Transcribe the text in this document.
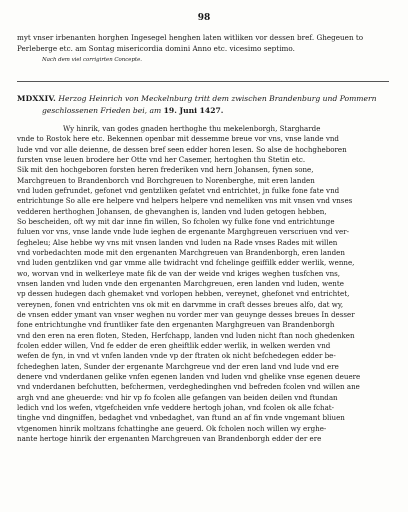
98
myt vnser irbenanten horghen Ingesegel henghen laten witliken vor dessen bref. Ghegeuen to
Perleberge etc. am Sontag misericordia domini Anno etc. vicesimo septimo.
Nach dem viel corrigirten Concepte.
MDXXIV. Herzog Heinrich von Meckelnburg tritt dem zwischen Brandenburg und Pommern
geschlossenen Frieden bei, am 19. Juni 1427.
Wy hinrik, van godes gnaden herthoghe thu mekelenborgh, Stargharde
vnde to Rostok here etc. Bekennen openbar mit dessemme breue vor vns, vnse lande vnd
lude vnd vor alle deienne, de dessen bref seen edder horen lesen. So alse de hochgheboren
fursten vnse leuen brodere her Otte vnd her Casemer, hertoghen thu Stetin etc.
Sik mit den hochgeboren forsten heren frederiken vnd hern Johansen, fynen sone,
Marchgreuen to Brandenborch vnd Borchgreuen to Norenberghe, mit eren landen
vnd luden gefrundet, gefonet vnd gentzliken gefatet vnd entrichtet, jn fulke fone fate vnd
entrichtunge So alle ere helpere vnd helpers helpere vnd nemeliken vns mit vnsen vnd vnses
vedderen herthoghen Johansen, de ghevanghen is, landen vnd luden getogen hebben,
So bescheiden, oft wy mit dar inne fin willen, So fcholen wy fulke fone vnd entrichtunge
fuluen vor vns, vnse lande vnde lude ieghen de ergenante Marghgreuen verscriuen vnd ver-
ſegheleu; Alse hebbe wy vns mit vnsen landen vnd luden na Rade vnses Rades mit willen
vnd vorbedachten mode mit den ergenanten Marchgreuen van Brandenborgh, eren landen
vnd luden gentzliken vnd gar vmme alle twidracht vnd fchelinge geiffilk edder werlik, wenne,
wo, worvan vnd in welkerleye mate fik de van der weide vnd kriges weghen tusfchen vns,
vnsen landen vnd luden vnde den ergenanten Marchgreuen, eren landen vnd luden, wente
vp dessen hudegen dach ghemaket vnd vorlopen hebben, vereynet, ghefonet vnd entrichtet,
vereynen, fonen vnd entrichten vns ok mit en darvmme in craft desses breues alfo, dat wy,
de vnsen edder ymant van vnser weghen nu vorder mer van geuynge desses breues In desser
fone entrichtunghe vnd fruntliker fate den ergenanten Marghgreuen van Brandenborgh
vnd den eren na eren floten, Steden, Herfchapp, landen vnd luden nicht ftan noch ghedenken
fcolen edder willen, Vnd fe edder de eren gheiftlik edder werlik, in welken werden vnd
wefen de fyn, in vnd vt vnfen landen vnde vp der ftraten ok nicht befchedegen edder be-
fchedeghen laten, Sunder der ergenante Marchgreue vnd der eren land vnd lude vnd ere
denere vnd vnderdanen gelike vnfen egenen landen vnd luden vnd ghelike vnse egenen deuere
vnd vnderdanen befchutten, befchermen, verdeghedinghen vnd befreden fcolen vnd willen ane
argh vnd ane gheuerde: vnd hir vp fo fcolen alle gefangen van beiden deilen vnd ftundan
ledich vnd los wefen, vtgefcheiden vnfe veddere hertogh johan, vnd fcolen ok alle fchat-
tinghe vnd dingniffen, bedaghet vnd vnbedaghet, van ftund an af fin vnde vngemant bliuen
vtgenomen hinrik moltzans fchattinghe ane geuerd. Ok fcholen noch willen wy erghe-
nante hertoge hinrik der ergenanten Marchgreuen van Brandenborgh edder der ere
